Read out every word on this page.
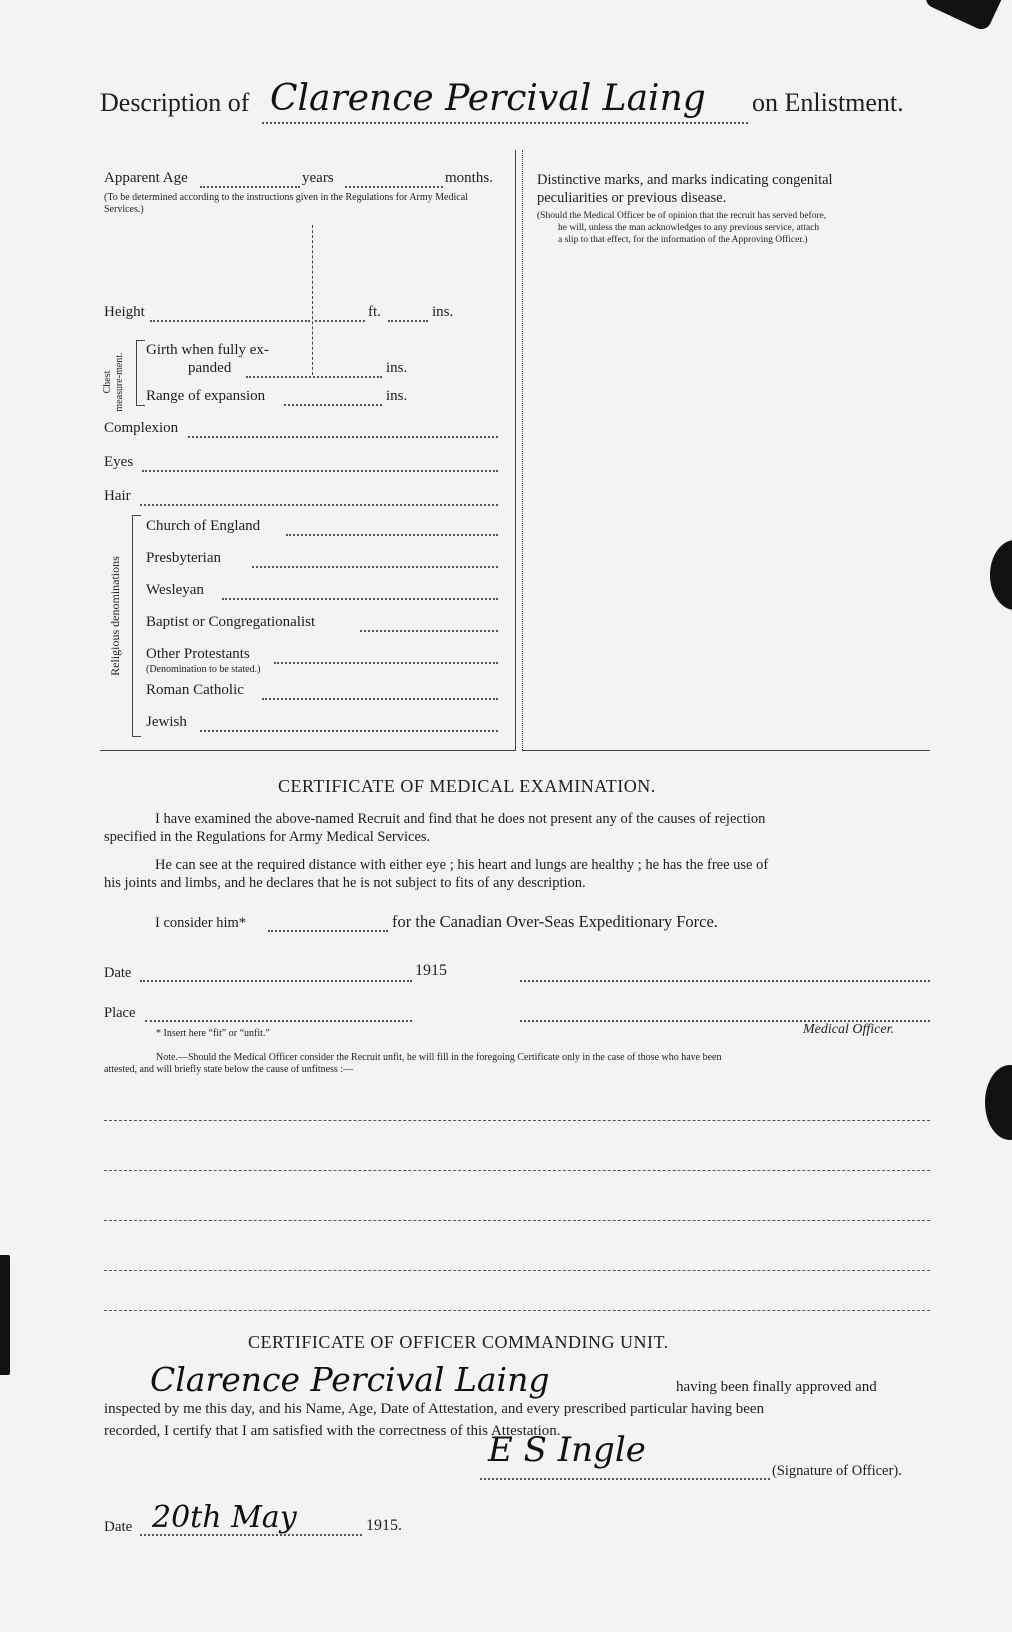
Description of Clarence Percival Laing on Enlistment.
Apparent Age	years	months.
(To be determined according to the instructions given in the Regulations for Army Medical Services.)
Height	ft.	ins.
Chest measure-ment.
Girth when fully ex-
panded	ins.
Range of expansion	ins.
Complexion
Eyes
Hair
Religious denominations
Church of England
Presbyterian
Wesleyan
Baptist or Congregationalist
Other Protestants
(Denomination to be stated.)
Roman Catholic
Jewish
Distinctive marks, and marks indicating congenital
peculiarities or previous disease.
(Should the Medical Officer be of opinion that the recruit has served before,
he will, unless the man acknowledges to any previous service, attach
a slip to that effect, for the information of the Approving Officer.)
CERTIFICATE OF MEDICAL EXAMINATION.
I have examined the above-named Recruit and find that he does not present any of the causes of rejection
specified in the Regulations for Army Medical Services.
He can see at the required distance with either eye ; his heart and lungs are healthy ; he has the free use of
his joints and limbs, and he declares that he is not subject to fits of any description.
I consider him*	for the Canadian Over-Seas Expeditionary Force.
Date	1915
Place
* Insert here “fit” or “unfit.”	Medical Officer.
Note.—Should the Medical Officer consider the Recruit unfit, he will fill in the foregoing Certificate only in the case of those who have been
attested, and will briefly state below the cause of unfitness :—
CERTIFICATE OF OFFICER COMMANDING UNIT.
Clarence Percival Laing	having been finally approved and
inspected by me this day, and his Name, Age, Date of Attestation, and every prescribed particular having been
recorded, I certify that I am satisfied with the correctness of this Attestation.
E S Ingle
(Signature of Officer).
Date 20th May	1915.
